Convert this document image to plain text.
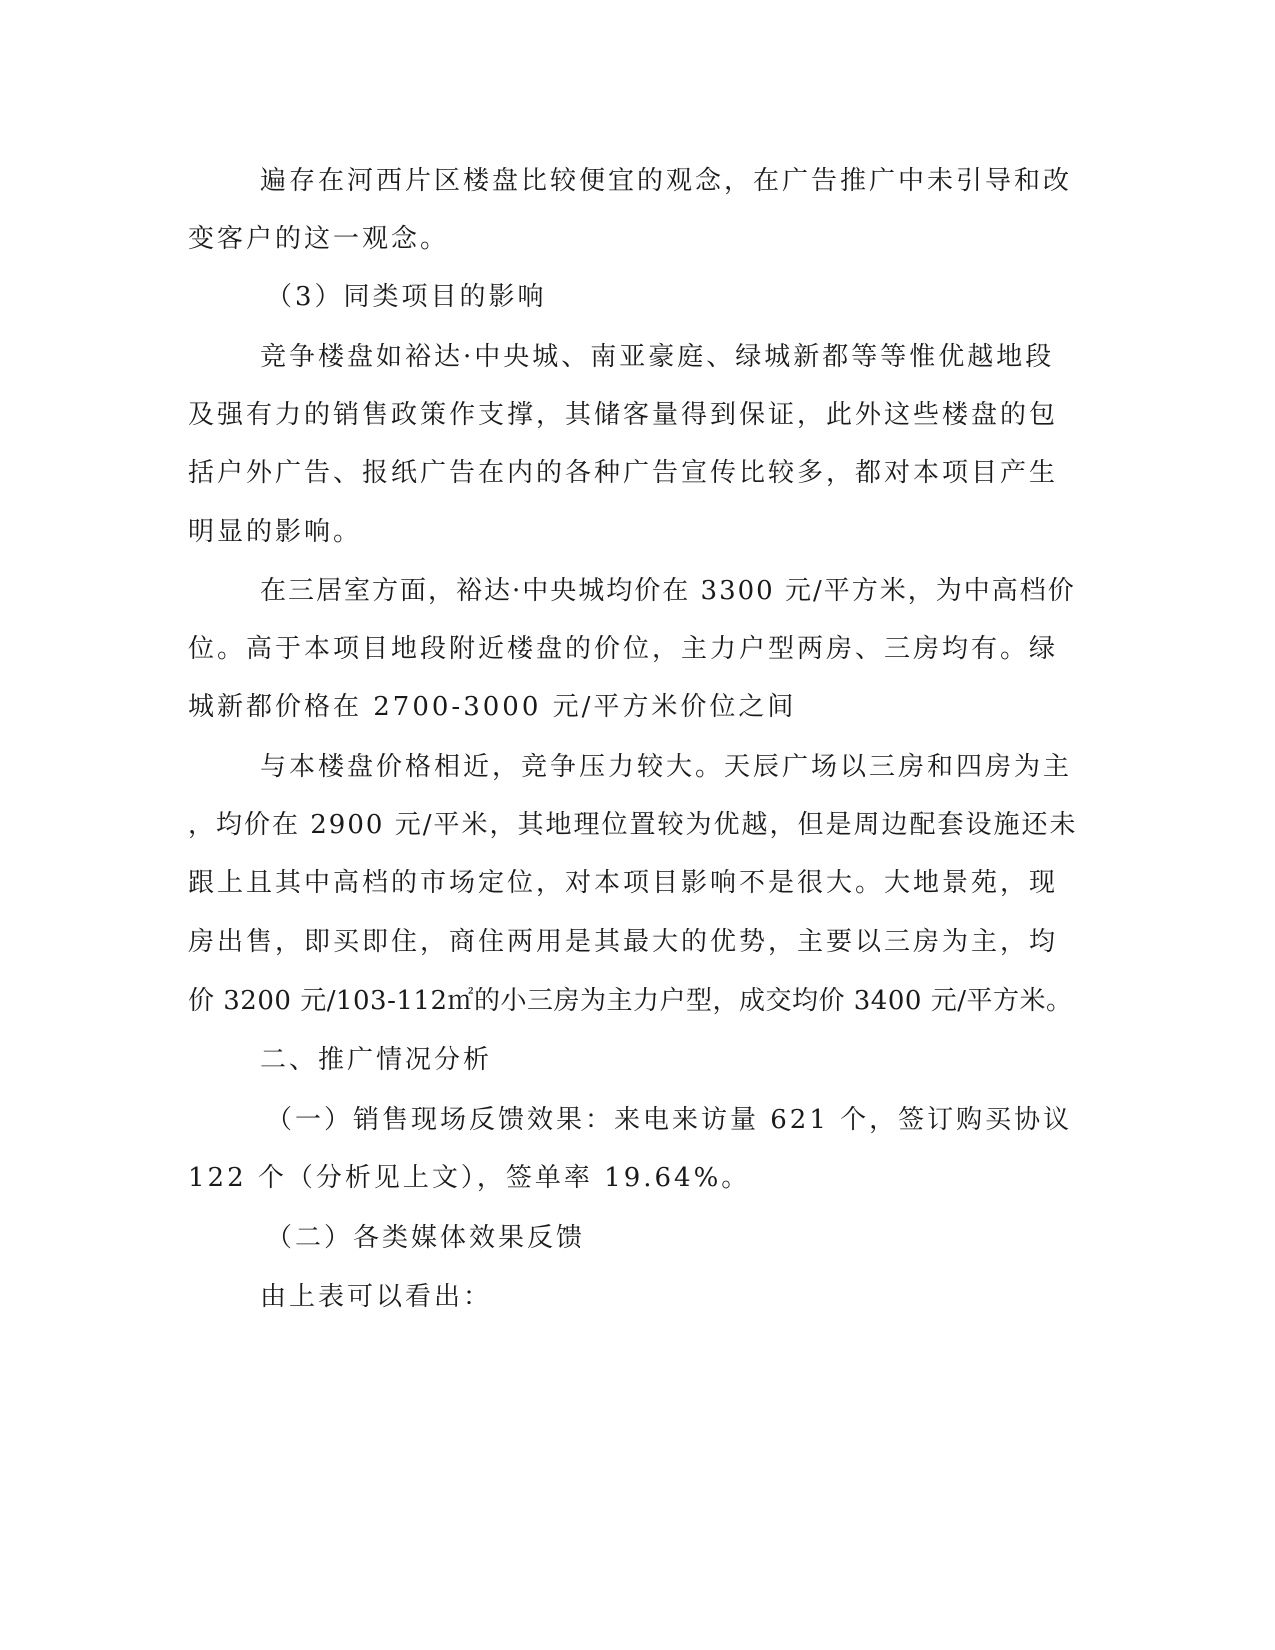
遍存在河西片区楼盘比较便宜的观念，在广告推广中未引导和改
变客户的这一观念。
（3）同类项目的影响
竞争楼盘如裕达·中央城、南亚豪庭、绿城新都等等惟优越地段
及强有力的销售政策作支撑，其储客量得到保证，此外这些楼盘的包
括户外广告、报纸广告在内的各种广告宣传比较多，都对本项目产生
明显的影响。
在三居室方面，裕达·中央城均价在 3300 元/平方米，为中高档价
位。高于本项目地段附近楼盘的价位，主力户型两房、三房均有。绿
城新都价格在 2700-3000 元/平方米价位之间
与本楼盘价格相近，竞争压力较大。天辰广场以三房和四房为主
，均价在 2900 元/平米，其地理位置较为优越，但是周边配套设施还未
跟上且其中高档的市场定位，对本项目影响不是很大。大地景苑，现
房出售，即买即住，商住两用是其最大的优势，主要以三房为主，均
价 3200 元/103-112㎡的小三房为主力户型，成交均价 3400 元/平方米。
二、推广情况分析
（一）销售现场反馈效果：来电来访量 621 个，签订购买协议
122 个（分析见上文），签单率 19.64%。
（二）各类媒体效果反馈
由上表可以看出：
